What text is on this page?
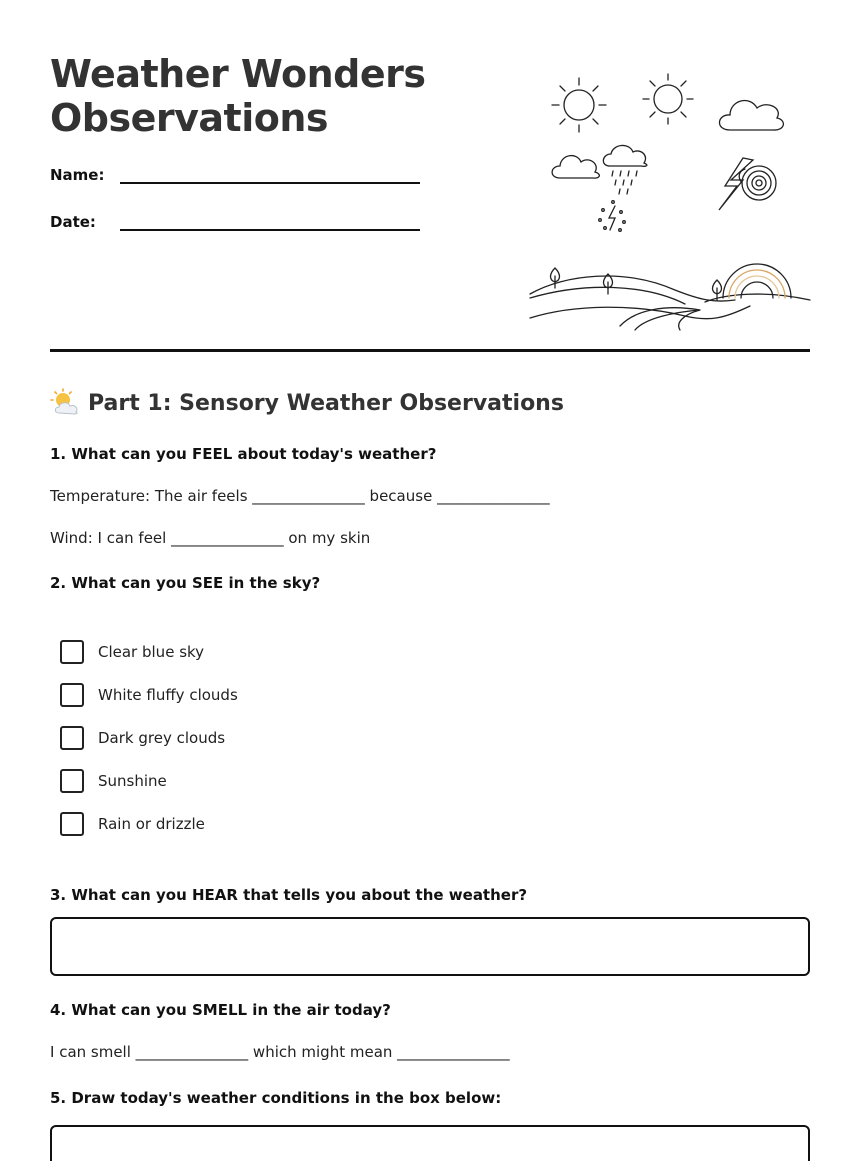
Weather Wonders
Observations
Name:
Date:
Part 1: Sensory Weather Observations
1. What can you FEEL about today's weather?
Temperature: The air feels _______________ because _______________
Wind: I can feel _______________ on my skin
2. What can you SEE in the sky?
Clear blue sky
White fluffy clouds
Dark grey clouds
Sunshine
Rain or drizzle
3. What can you HEAR that tells you about the weather?
4. What can you SMELL in the air today?
I can smell _______________ which might mean _______________
5. Draw today's weather conditions in the box below:
